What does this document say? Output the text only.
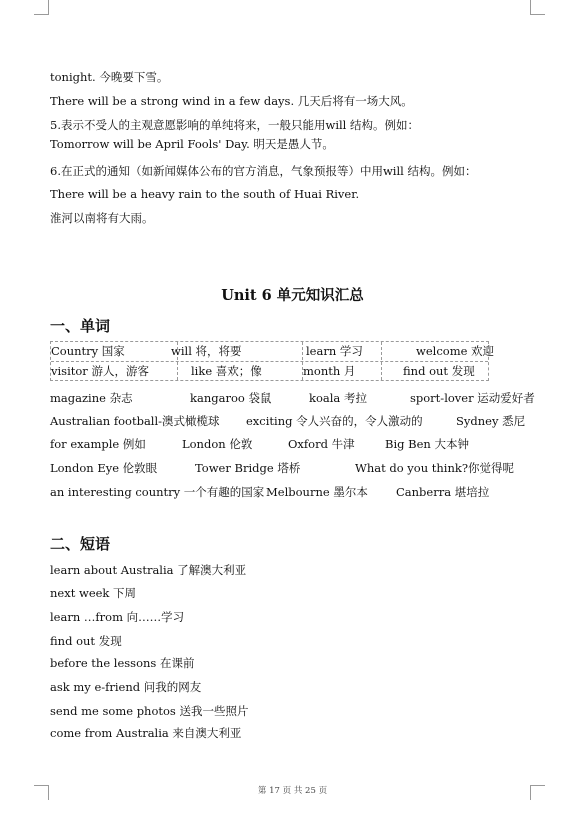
tonight. 今晚要下雪。
There will be a strong wind in a few days. 几天后将有一场大风。
5.表示不受人的主观意愿影响的单纯将来，一般只能用will 结构。例如：
Tomorrow will be April Fools' Day. 明天是愚人节。
6.在正式的通知（如新闻媒体公布的官方消息，气象预报等）中用will 结构。例如：
There will be a heavy rain to the south of Huai River.
淮河以南将有大雨。
Unit 6 单元知识汇总
一、单词
Country 国家	will 将，将要	learn 学习	welcome 欢迎
visitor 游人，游客	like 喜欢；像	month 月	find out 发现
magazine 杂志	kangaroo 袋鼠	koala 考拉	sport-lover 运动爱好者
Australian football-澳式橄榄球 exciting 令人兴奋的，令人激动的	Sydney 悉尼
for example 例如	London 伦敦	Oxford 牛津	Big Ben 大本钟
London Eye 伦敦眼	Tower Bridge 塔桥	What do you think?你觉得呢
an interesting country 一个有趣的国家 Melbourne 墨尔本 Canberra 堪培拉
二、短语
learn about Australia 了解澳大利亚
next week 下周
learn …from 向……学习
find out 发现
before the lessons 在课前
ask my e-friend 问我的网友
send me some photos 送我一些照片
come from Australia 来自澳大利亚
第 17 页 共 25 页
